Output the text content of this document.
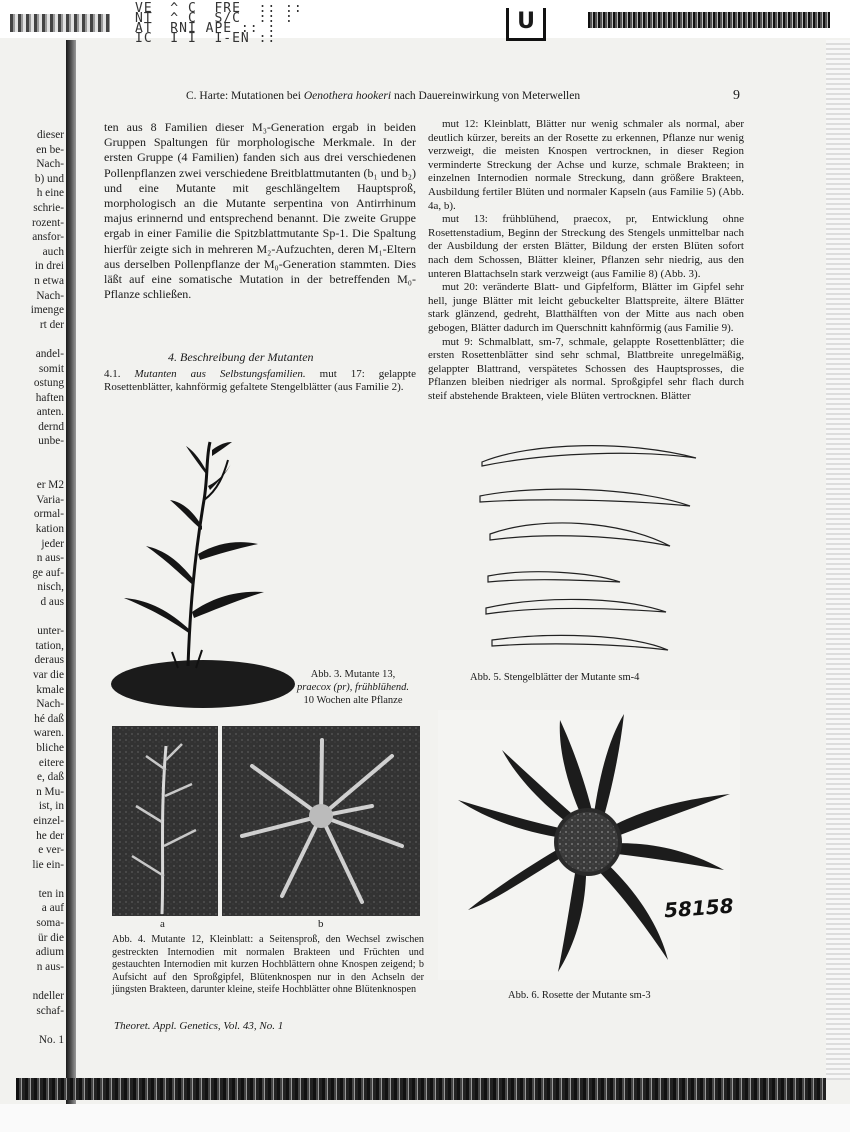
VE  ^ C  FRE  :: ::
NT  ^ C  S/C  :: :
AT  RNI APE :: :
IC  I I  I-EN ::
U
dieser
en be-
Nach-
b) und
h eine
schrie-
rozent-
ansfor-
auch
in drei
n etwa
Nach-
imenge
rt der

andel-
somit
ostung
haften
anten.
dernd
unbe-

er M2
Varia-
ormal-
kation
jeder
n aus-
ge auf-
nisch,
d aus

unter-
tation,
deraus
var die
kmale
Nach-
hé daß
waren.
bliche
eitere
e, daß
n Mu-
ist, in
einzel-
he der
e ver-
lie ein-

ten in
a auf
soma-
ür die
adium
n aus-

ndeller
schaf-

No. 1
C. Harte: Mutationen bei Oenothera hookeri nach Dauereinwirkung von Meterwellen	9

ten aus 8 Familien dieser M₃-Generation ergab in beiden Gruppen Spaltungen für morphologische Merkmale. In der ersten Gruppe (4 Familien) fanden sich aus drei verschiedenen Pollenpflanzen zwei verschiedene Breitblattmutanten (b₁ und b₂) und eine Mutante mit geschlängeltem Hauptsproß, morphologisch an die Mutante serpentina von Antirrhinum majus erinnernd und entsprechend benannt. Die zweite Gruppe ergab in einer Familie die Spitzblattmutante Sp-1. Die Spaltung hierfür zeigte sich in mehreren M₂-Aufzuchten, deren M₁-Eltern aus derselben Pollenpflanze der M₀-Generation stammten. Dies läßt auf eine somatische Mutation in der betreffenden M₀-Pflanze schließen.

4. Beschreibung der Mutanten
4.1. Mutanten aus Selbstungsfamilien. mut 17: gelappte Rosettenblätter, kahnförmig gefaltete Stengelblätter (aus Familie 2).

mut 12: Kleinblatt, Blätter nur wenig schmaler als normal, aber deutlich kürzer, bereits an der Rosette zu erkennen, Pflanze nur wenig verzweigt, die meisten Knospen vertrocknen, in dieser Region verminderte Streckung der Achse und kurze, schmale Brakteen; in einzelnen Internodien normale Streckung, dann größere Brakteen, Ausbildung fertiler Blüten und normaler Kapseln (aus Familie 5) (Abb. 4a, b).

mut 13: frühblühend, praecox, pr, Entwicklung ohne Rosettenstadium, Beginn der Streckung des Stengels unmittelbar nach der Ausbildung der ersten Blätter, Bildung der ersten Blüten sofort nach dem Schossen, Blätter kleiner, Pflanzen sehr niedrig, aus den unteren Blattachseln stark verzweigt (aus Familie 8) (Abb. 3).

mut 20: veränderte Blatt- und Gipfelform, Blätter im Gipfel sehr hell, junge Blätter mit leicht gebuckelter Blattspreite, ältere Blätter stark glänzend, gedreht, Blatthälften von der Mitte aus nach oben gebogen, Blätter dadurch im Querschnitt kahnförmig (aus Familie 9).

mut 9: Schmalblatt, sm-7, schmale, gelappte Rosettenblätter; die ersten Rosettenblätter sind sehr schmal, Blattbreite unregelmäßig, gelappter Blattrand, verspätetes Schossen des Hauptsprosses, die Pflanzen bleiben niedriger als normal. Sproßgipfel sehr flach durch steif abstehende Brakteen, viele Blüten vertrocknen. Blätter

Abb. 3. Mutante 13,
praecox (pr), frühblühend.
10 Wochen alte Pflanze
a	b
Abb. 4. Mutante 12, Kleinblatt: a Seitensproß, den Wechsel zwischen gestreckten Internodien mit normalen Brakteen und Früchten und gestauchten Internodien mit kurzen Hochblättern ohne Knospen zeigend; b Aufsicht auf den Sproßgipfel, Blütenknospen nur in den Achseln der jüngsten Brakteen, darunter kleine, steife Hochblätter ohne Blütenknospen
Abb. 5. Stengelblätter der Mutante sm-4
58158
Abb. 6. Rosette der Mutante sm-3
Theoret. Appl. Genetics, Vol. 43, No. 1
